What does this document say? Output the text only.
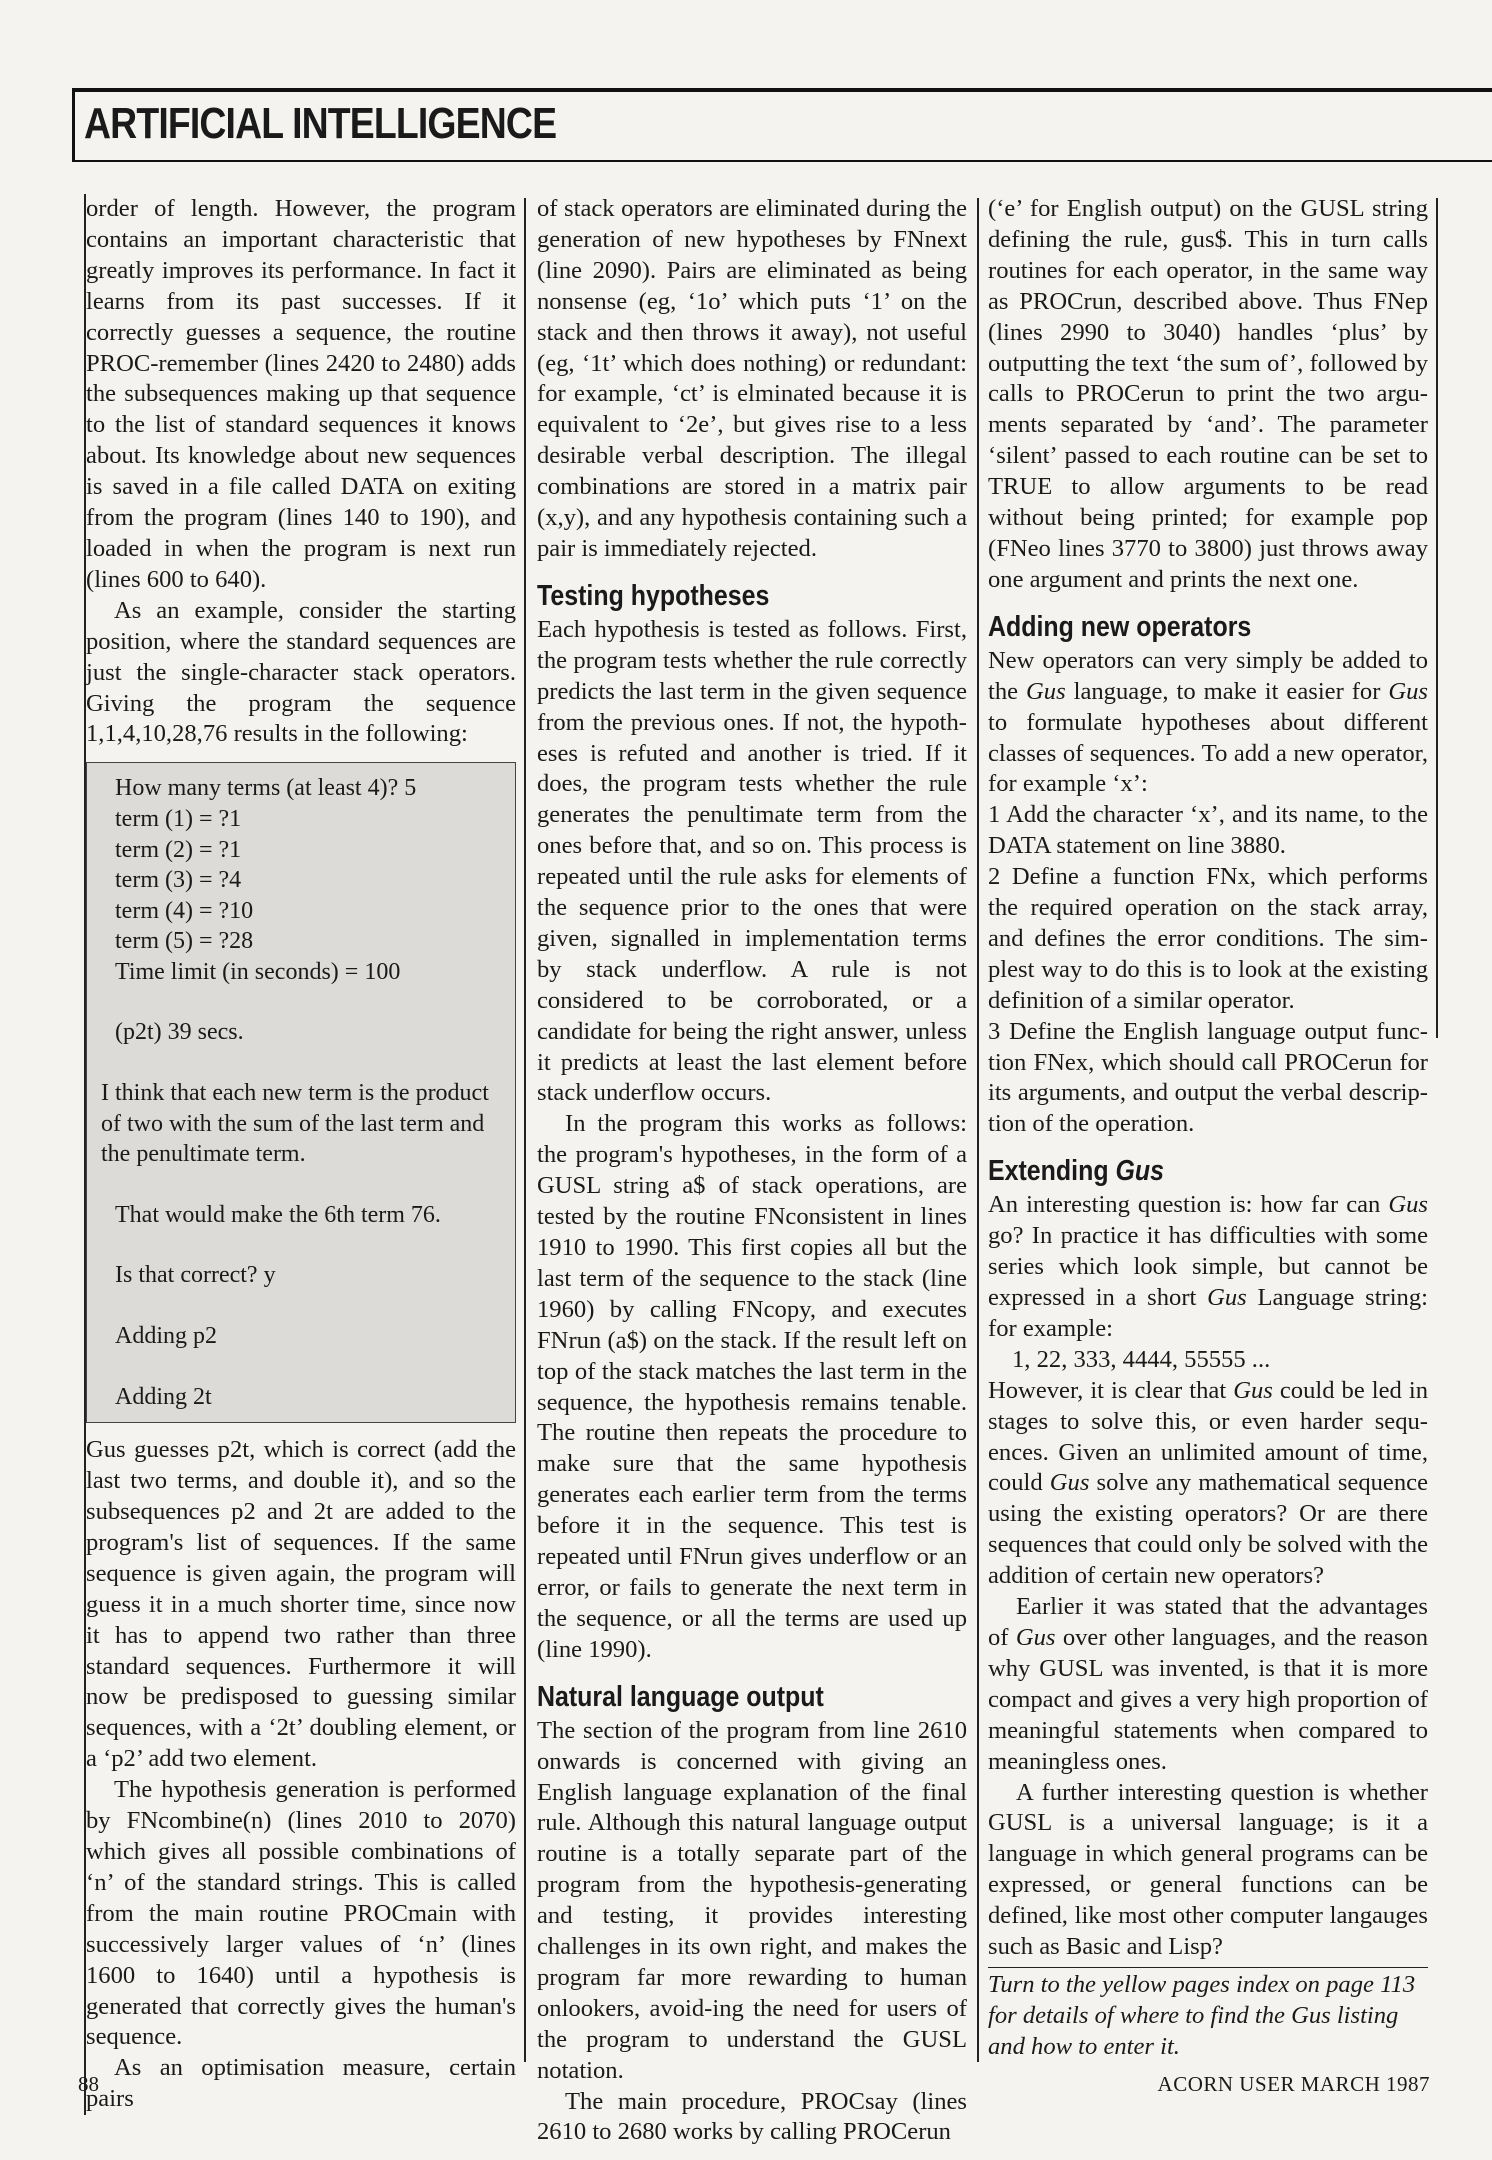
ARTIFICIAL INTELLIGENCE

order of length. However, the program contains an important characteristic that greatly improves its performance. In fact it learns from its past successes. If it correctly guesses a sequence, the routine PROC-remember (lines 2420 to 2480) adds the subsequences making up that sequence to the list of standard sequences it knows about. Its knowledge about new sequences is saved in a file called DATA on exiting from the program (lines 140 to 190), and loaded in when the program is next run (lines 600 to 640).

As an example, consider the starting position, where the standard sequences are just the single-character stack operators. Giving the program the sequence 1,1,4,10,28,76 results in the following:

How many terms (at least 4)? 5
term (1) = ?1
term (2) = ?1
term (3) = ?4
term (4) = ?10
term (5) = ?28
Time limit (in seconds) = 100
(p2t) 39 secs.
I think that each new term is the product of two with the sum of the last term and the penultimate term.
That would make the 6th term 76.
Is that correct? y
Adding p2
Adding 2t

Gus guesses p2t, which is correct (add the last two terms, and double it), and so the subsequences p2 and 2t are added to the program's list of sequences. If the same sequence is given again, the program will guess it in a much shorter time, since now it has to append two rather than three standard sequences. Furthermore it will now be predisposed to guessing similar sequences, with a ‘2t’ doubling element, or a ‘p2’ add two element.

The hypothesis generation is performed by FNcombine(n) (lines 2010 to 2070) which gives all possible combinations of ‘n’ of the standard strings. This is called from the main routine PROCmain with successively larger values of ‘n’ (lines 1600 to 1640) until a hypothesis is generated that correctly gives the human's sequence.

As an optimisation measure, certain pairs

of stack operators are eliminated during the generation of new hypotheses by FNnext (line 2090). Pairs are eliminated as being nonsense (eg, ‘1o’ which puts ‘1’ on the stack and then throws it away), not useful (eg, ‘1t’ which does nothing) or redundant: for example, ‘ct’ is elminated because it is equivalent to ‘2e’, but gives rise to a less desirable verbal description. The illegal combinations are stored in a matrix pair (x,y), and any hypothesis containing such a pair is immediately rejected.

Testing hypotheses

Each hypothesis is tested as follows. First, the program tests whether the rule correctly predicts the last term in the given sequence from the previous ones. If not, the hypoth-eses is refuted and another is tried. If it does, the program tests whether the rule generates the penultimate term from the ones before that, and so on. This process is repeated until the rule asks for elements of the sequence prior to the ones that were given, signalled in implementation terms by stack underflow. A rule is not considered to be corroborated, or a candidate for being the right answer, unless it predicts at least the last element before stack underflow occurs.

In the program this works as follows: the program's hypotheses, in the form of a GUSL string a$ of stack operations, are tested by the routine FNconsistent in lines 1910 to 1990. This first copies all but the last term of the sequence to the stack (line 1960) by calling FNcopy, and executes FNrun (a$) on the stack. If the result left on top of the stack matches the last term in the sequence, the hypothesis remains tenable. The routine then repeats the procedure to make sure that the same hypothesis generates each earlier term from the terms before it in the sequence. This test is repeated until FNrun gives underflow or an error, or fails to generate the next term in the sequence, or all the terms are used up (line 1990).

Natural language output

The section of the program from line 2610 onwards is concerned with giving an English language explanation of the final rule. Although this natural language output routine is a totally separate part of the program from the hypothesis-generating and testing, it provides interesting challenges in its own right, and makes the program far more rewarding to human onlookers, avoid-ing the need for users of the program to understand the GUSL notation.

The main procedure, PROCsay (lines 2610 to 2680 works by calling PROCerun

(‘e’ for English output) on the GUSL string defining the rule, gus$. This in turn calls routines for each operator, in the same way as PROCrun, described above. Thus FNep (lines 2990 to 3040) handles ‘plus’ by outputting the text ‘the sum of’, followed by calls to PROCerun to print the two argu-ments separated by ‘and’. The parameter ‘silent’ passed to each routine can be set to TRUE to allow arguments to be read without being printed; for example pop (FNeo lines 3770 to 3800) just throws away one argument and prints the next one.

Adding new operators

New operators can very simply be added to the Gus language, to make it easier for Gus to formulate hypotheses about different classes of sequences. To add a new operator, for example ‘x’:

1 Add the character ‘x’, and its name, to the DATA statement on line 3880.

2 Define a function FNx, which performs the required operation on the stack array, and defines the error conditions. The sim-plest way to do this is to look at the existing definition of a similar operator.

3 Define the English language output func-tion FNex, which should call PROCerun for its arguments, and output the verbal descrip-tion of the operation.

Extending Gus

An interesting question is: how far can Gus go? In practice it has difficulties with some series which look simple, but cannot be expressed in a short Gus Language string: for example:

1, 22, 333, 4444, 55555 ...

However, it is clear that Gus could be led in stages to solve this, or even harder sequ-ences. Given an unlimited amount of time, could Gus solve any mathematical sequence using the existing operators? Or are there sequences that could only be solved with the addition of certain new operators?

Earlier it was stated that the advantages of Gus over other languages, and the reason why GUSL was invented, is that it is more compact and gives a very high proportion of meaningful statements when compared to meaningless ones.

A further interesting question is whether GUSL is a universal language; is it a language in which general programs can be expressed, or general functions can be defined, like most other computer langauges such as Basic and Lisp?

Turn to the yellow pages index on page 113 for details of where to find the Gus listing and how to enter it.

88	ACORN USER MARCH 1987
